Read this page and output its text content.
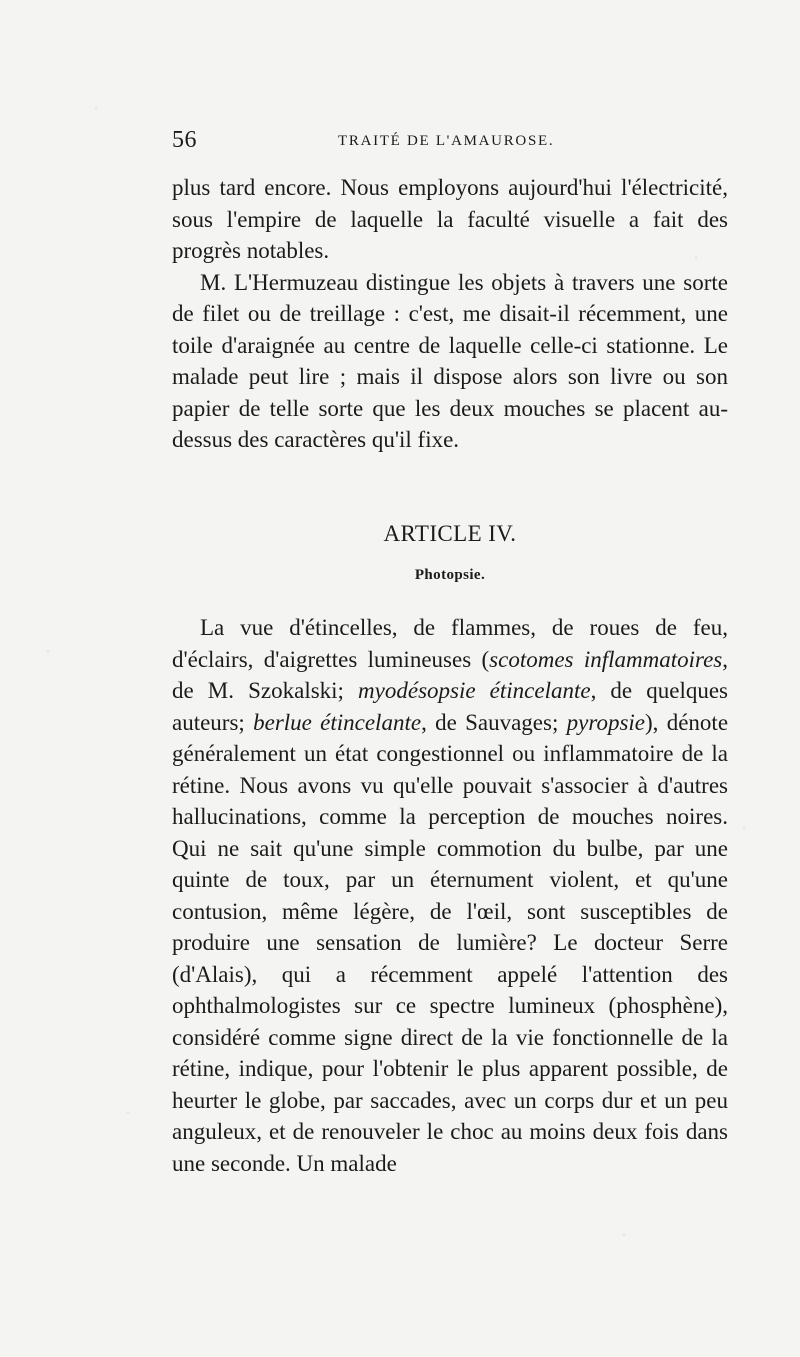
56	TRAITÉ DE L'AMAUROSE.

plus tard encore. Nous employons aujourd'hui l'électricité, sous l'empire de laquelle la faculté visuelle a fait des progrès notables.

M. L'Hermuzeau distingue les objets à travers une sorte de filet ou de treillage : c'est, me disait-il récemment, une toile d'araignée au centre de laquelle celle-ci stationne. Le malade peut lire ; mais il dispose alors son livre ou son papier de telle sorte que les deux mouches se placent au-dessus des caractères qu'il fixe.

ARTICLE IV.
Photopsie.

La vue d'étincelles, de flammes, de roues de feu, d'éclairs, d'aigrettes lumineuses (scotomes inflammatoires, de M. Szokalski; myodésopsie étincelante, de quelques auteurs; berlue étincelante, de Sauvages; pyropsie), dénote généralement un état congestionnel ou inflammatoire de la rétine. Nous avons vu qu'elle pouvait s'associer à d'autres hallucinations, comme la perception de mouches noires. Qui ne sait qu'une simple commotion du bulbe, par une quinte de toux, par un éternument violent, et qu'une contusion, même légère, de l'œil, sont susceptibles de produire une sensation de lumière? Le docteur Serre (d'Alais), qui a récemment appelé l'attention des ophthalmologistes sur ce spectre lumineux (phosphène), considéré comme signe direct de la vie fonctionnelle de la rétine, indique, pour l'obtenir le plus apparent possible, de heurter le globe, par saccades, avec un corps dur et un peu anguleux, et de renouveler le choc au moins deux fois dans une seconde. Un malade
